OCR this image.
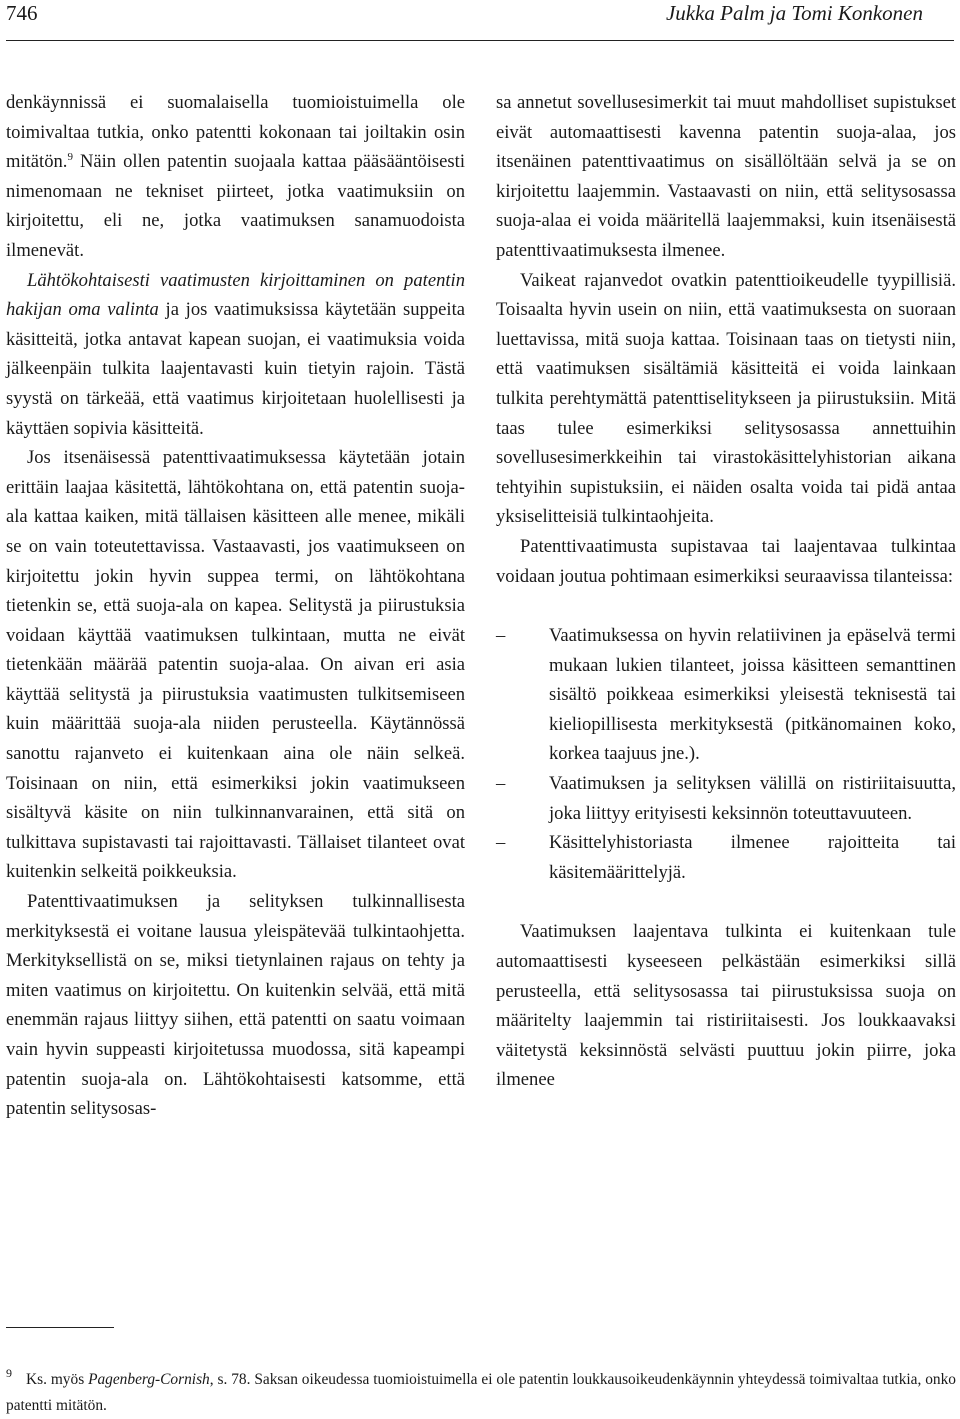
746	Jukka Palm ja Tomi Konkonen

denkäynnissä ei suomalaisella tuomioistuimella ole toimivaltaa tutkia, onko patentti kokonaan tai joiltakin osin mitätön.$^9$ Näin ollen patentin suojaala kattaa pääsääntöisesti nimenomaan ne tekniset piirteet, jotka vaatimuksiin on kirjoitettu, eli ne, jotka vaatimuksen sanamuodoista ilmenevät.

Lähtökohtaisesti vaatimusten kirjoittaminen on patentin hakijan oma valinta ja jos vaatimuksissa käytetään suppeita käsitteitä, jotka antavat kapean suojan, ei vaatimuksia voida jälkeenpäin tulkita laajentavasti kuin tietyin rajoin. Tästä syystä on tärkeää, että vaatimus kirjoitetaan huolellisesti ja käyttäen sopivia käsitteitä.

Jos itsenäisessä patenttivaatimuksessa käytetään jotain erittäin laajaa käsitettä, lähtökohtana on, että patentin suoja-ala kattaa kaiken, mitä tällaisen käsitteen alle menee, mikäli se on vain toteutettavissa. Vastaavasti, jos vaatimukseen on kirjoitettu jokin hyvin suppea termi, on lähtökohtana tietenkin se, että suoja-ala on kapea. Selitystä ja piirustuksia voidaan käyttää vaatimuksen tulkintaan, mutta ne eivät tietenkään määrää patentin suoja-alaa. On aivan eri asia käyttää selitystä ja piirustuksia vaatimusten tulkitsemiseen kuin määrittää suoja-ala niiden perusteella. Käytännössä sanottu rajanveto ei kuitenkaan aina ole näin selkeä. Toisinaan on niin, että esimerkiksi jokin vaatimukseen sisältyvä käsite on niin tulkinnanvarainen, että sitä on tulkittava supistavasti tai rajoittavasti. Tällaiset tilanteet ovat kuitenkin selkeitä poikkeuksia.

Patenttivaatimuksen ja selityksen tulkinnallisesta merkityksestä ei voitane lausua yleispätevää tulkintaohjetta. Merkityksellistä on se, miksi tietynlainen rajaus on tehty ja miten vaatimus on kirjoitettu. On kuitenkin selvää, että mitä enemmän rajaus liittyy siihen, että patentti on saatu voimaan vain hyvin suppeasti kirjoitetussa muodossa, sitä kapeampi patentin suoja-ala on. Lähtökohtaisesti katsomme, että patentin selitysosas-

sa annetut sovellusesimerkit tai muut mahdolliset supistukset eivät automaattisesti kavenna patentin suoja-alaa, jos itsenäinen patenttivaatimus on sisällöltään selvä ja se on kirjoitettu laajemmin. Vastaavasti on niin, että selitysosassa suoja-alaa ei voida määritellä laajemmaksi, kuin itsenäisestä patenttivaatimuksesta ilmenee.

Vaikeat rajanvedot ovatkin patenttioikeudelle tyypillisiä. Toisaalta hyvin usein on niin, että vaatimuksesta on suoraan luettavissa, mitä suoja kattaa. Toisinaan taas on tietysti niin, että vaatimuksen sisältämiä käsitteitä ei voida lainkaan tulkita perehtymättä patenttiselitykseen ja piirustuksiin. Mitä taas tulee esimerkiksi selitysosassa annettuihin sovellusesimerkkeihin tai virastokäsittelyhistorian aikana tehtyihin supistuksiin, ei näiden osalta voida tai pidä antaa yksiselitteisiä tulkintaohjeita.

Patenttivaatimusta supistavaa tai laajentavaa tulkintaa voidaan joutua pohtimaan esimerkiksi seuraavissa tilanteissa:

– Vaatimuksessa on hyvin relatiivinen ja epäselvä termi mukaan lukien tilanteet, joissa käsitteen semanttinen sisältö poikkeaa esimerkiksi yleisestä teknisestä tai kieliopillisesta merkityksestä (pitkänomainen koko, korkea taajuus jne.).
– Vaatimuksen ja selityksen välillä on ristiriitaisuutta, joka liittyy erityisesti keksinnön toteuttavuuteen.
– Käsittelyhistoriasta ilmenee rajoitteita tai käsitemäärittelyjä.

Vaatimuksen laajentava tulkinta ei kuitenkaan tule automaattisesti kyseeseen pelkästään esimerkiksi sillä perusteella, että selitysosassa tai piirustuksissa suoja on määritelty laajemmin tai ristiriitaisesti. Jos loukkaavaksi väitetystä keksinnöstä selvästi puuttuu jokin piirre, joka ilmenee

$^9$ Ks. myös Pagenberg-Cornish, s. 78. Saksan oikeudessa tuomioistuimella ei ole patentin loukkausoikeudenkäynnin yhteydessä toimivaltaa tutkia, onko patentti mitätön.
